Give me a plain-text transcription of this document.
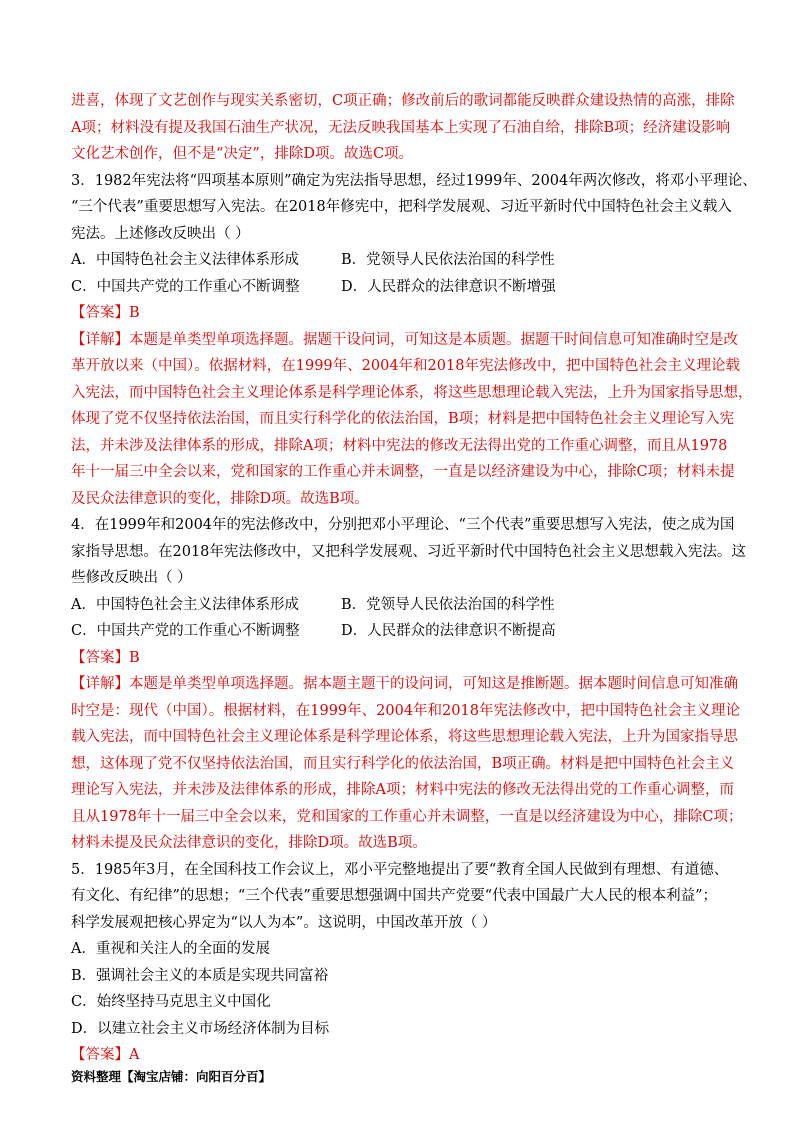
进喜，体现了文艺创作与现实关系密切，C项正确；修改前后的歌词都能反映群众建设热情的高涨，排除
A项；材料没有提及我国石油生产状况，无法反映我国基本上实现了石油自给，排除B项；经济建设影响
文化艺术创作，但不是“决定”，排除D项。故选C项。
3．1982年宪法将“四项基本原则”确定为宪法指导思想，经过1999年、2004年两次修改，将邓小平理论、
“三个代表”重要思想写入宪法。在2018年修宪中，把科学发展观、习近平新时代中国特色社会主义载入
宪法。上述修改反映出（ ）
A．中国特色社会主义法律体系形成	B．党领导人民依法治国的科学性
C．中国共产党的工作重心不断调整	D．人民群众的法律意识不断增强
【答案】B
【详解】本题是单类型单项选择题。据题干设问词，可知这是本质题。据题干时间信息可知准确时空是改
革开放以来（中国）。依据材料，在1999年、2004年和2018年宪法修改中，把中国特色社会主义理论载
入宪法，而中国特色社会主义理论体系是科学理论体系，将这些思想理论载入宪法，上升为国家指导思想，
体现了党不仅坚持依法治国，而且实行科学化的依法治国，B项；材料是把中国特色社会主义理论写入宪
法，并未涉及法律体系的形成，排除A项；材料中宪法的修改无法得出党的工作重心调整，而且从1978
年十一届三中全会以来，党和国家的工作重心并未调整，一直是以经济建设为中心，排除C项；材料未提
及民众法律意识的变化，排除D项。故选B项。
4．在1999年和2004年的宪法修改中，分别把邓小平理论、“三个代表”重要思想写入宪法，使之成为国
家指导思想。在2018年宪法修改中，又把科学发展观、习近平新时代中国特色社会主义思想载入宪法。这
些修改反映出（ ）
A．中国特色社会主义法律体系形成	B．党领导人民依法治国的科学性
C．中国共产党的工作重心不断调整	D．人民群众的法律意识不断提高
【答案】B
【详解】本题是单类型单项选择题。据本题主题干的设问词，可知这是推断题。据本题时间信息可知准确
时空是：现代（中国）。根据材料，在1999年、2004年和2018年宪法修改中，把中国特色社会主义理论
载入宪法，而中国特色社会主义理论体系是科学理论体系，将这些思想理论载入宪法，上升为国家指导思
想，这体现了党不仅坚持依法治国，而且实行科学化的依法治国，B项正确。材料是把中国特色社会主义
理论写入宪法，并未涉及法律体系的形成，排除A项；材料中宪法的修改无法得出党的工作重心调整，而
且从1978年十一届三中全会以来，党和国家的工作重心并未调整，一直是以经济建设为中心，排除C项；
材料未提及民众法律意识的变化，排除D项。故选B项。
5．1985年3月，在全国科技工作会议上，邓小平完整地提出了要“教育全国人民做到有理想、有道德、
有文化、有纪律”的思想；“三个代表”重要思想强调中国共产党要“代表中国最广大人民的根本利益”；
科学发展观把核心界定为“以人为本”。这说明，中国改革开放（ ）
A．重视和关注人的全面的发展
B．强调社会主义的本质是实现共同富裕
C．始终坚持马克思主义中国化
D．以建立社会主义市场经济体制为目标
【答案】A
资料整理【淘宝店铺：向阳百分百】
